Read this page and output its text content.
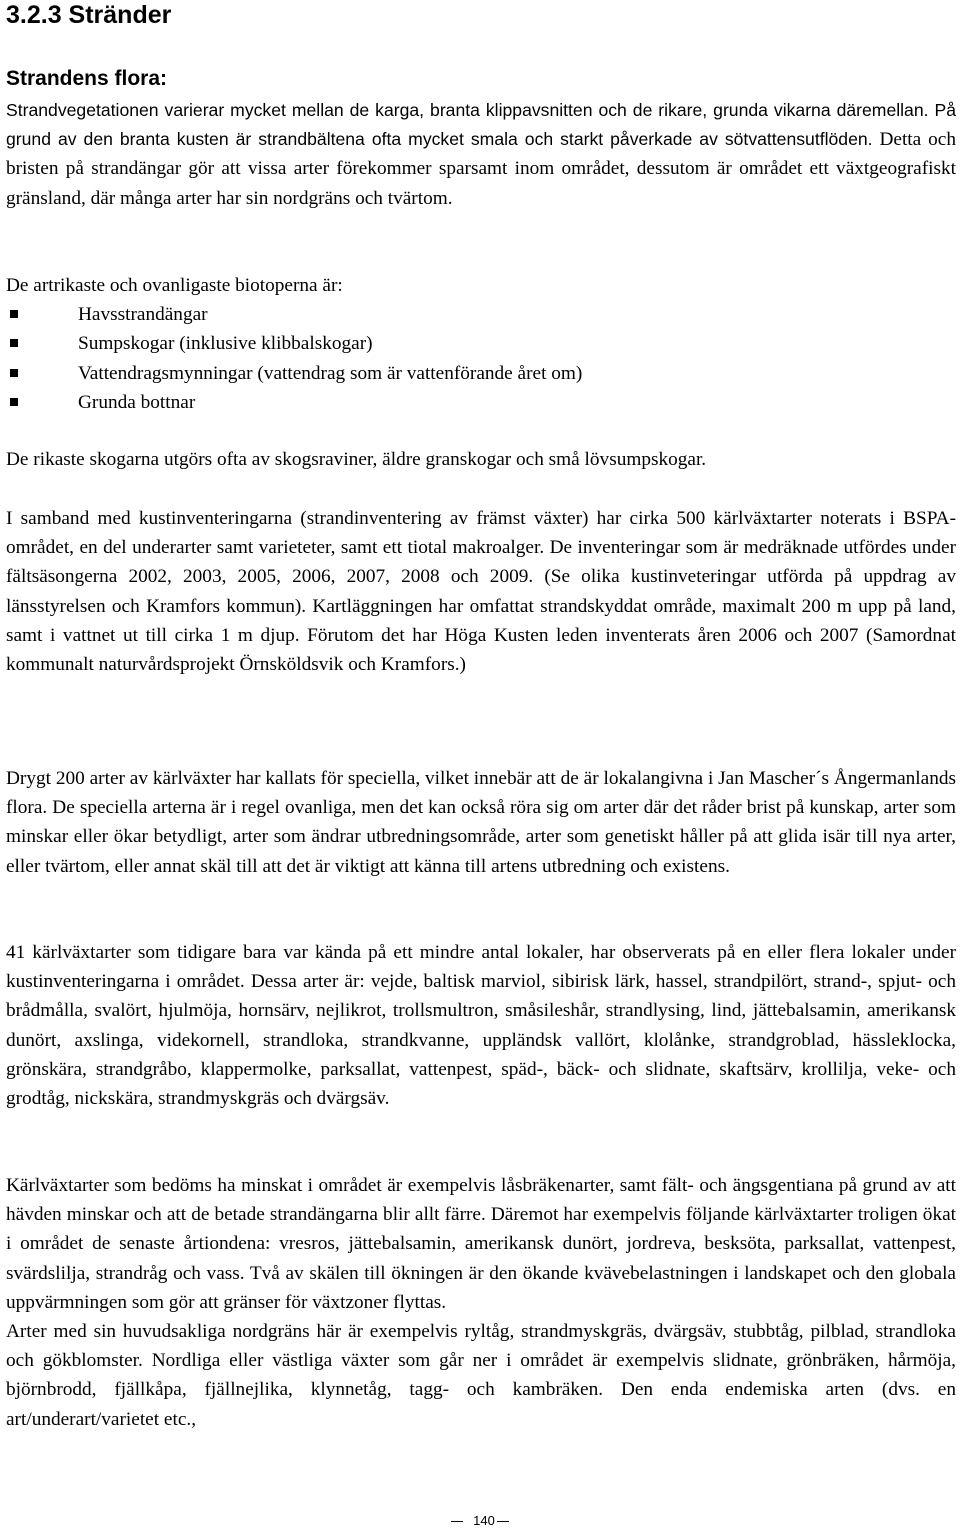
3.2.3 Stränder
Strandens flora:

Strandvegetationen varierar mycket mellan de karga, branta klippavsnitten och de rikare, grunda vikarna däremellan. På grund av den branta kusten är strandbältena ofta mycket smala och starkt påverkade av sötvattensutflöden. Detta och bristen på strandängar gör att vissa arter förekommer sparsamt inom området, dessutom är området ett växtgeografiskt gränsland, där många arter har sin nordgräns och tvärtom.

De artrikaste och ovanligaste biotoperna är:

Havsstrandängar
Sumpskogar (inklusive klibbalskogar)
Vattendragsmynningar (vattendrag som är vattenförande året om)
Grunda bottnar

De rikaste skogarna utgörs ofta av skogsraviner, äldre granskogar och små lövsumpskogar.

I samband med kustinventeringarna (strandinventering av främst växter) har cirka 500 kärlväxtarter noterats i BSPA-området, en del underarter samt varieteter, samt ett tiotal makroalger. De inventeringar som är medräknade utfördes under fältsäsongerna 2002, 2003, 2005, 2006, 2007, 2008 och 2009. (Se olika kustinveteringar utförda på uppdrag av länsstyrelsen och Kramfors kommun). Kartläggningen har omfattat strandskyddat område, maximalt 200 m upp på land, samt i vattnet ut till cirka 1 m djup. Förutom det har Höga Kusten leden inventerats åren 2006 och 2007 (Samordnat kommunalt naturvårdsprojekt Örnsköldsvik och Kramfors.)

Drygt 200 arter av kärlväxter har kallats för speciella, vilket innebär att de är lokalangivna i Jan Mascher´s Ångermanlands flora. De speciella arterna är i regel ovanliga, men det kan också röra sig om arter där det råder brist på kunskap, arter som minskar eller ökar betydligt, arter som ändrar utbredningsområde, arter som genetiskt håller på att glida isär till nya arter, eller tvärtom, eller annat skäl till att det är viktigt att känna till artens utbredning och existens.

41 kärlväxtarter som tidigare bara var kända på ett mindre antal lokaler, har observerats på en eller flera lokaler under kustinventeringarna i området. Dessa arter är: vejde, baltisk marviol, sibirisk lärk, hassel, strandpilört, strand-, spjut- och brådmålla, svalört, hjulmöja, hornsärv, nejlikrot, trollsmultron, småsileshår, strandlysing, lind, jättebalsamin, amerikansk dunört, axslinga, videkornell, strandloka, strandkvanne, uppländsk vallört, klolånke, strandgroblad, hässleklocka, grönskära, strandgråbo, klappermolke, parksallat, vattenpest, späd-, bäck- och slidnate, skaftsärv, krollilja, veke- och grodtåg, nickskära, strandmyskgräs och dvärgsäv.

Kärlväxtarter som bedöms ha minskat i området är exempelvis låsbräkenarter, samt fält- och ängsgentiana på grund av att hävden minskar och att de betade strandängarna blir allt färre. Däremot har exempelvis följande kärlväxtarter troligen ökat i området de senaste årtiondena: vresros, jättebalsamin, amerikansk dunört, jordreva, besksöta, parksallat, vattenpest, svärdslilja, strandråg och vass. Två av skälen till ökningen är den ökande kvävebelastningen i landskapet och den globala uppvärmningen som gör att gränser för växtzoner flyttas.

Arter med sin huvudsakliga nordgräns här är exempelvis ryltåg, strandmyskgräs, dvärgsäv, stubbtåg, pilblad, strandloka och gökblomster. Nordliga eller västliga växter som går ner i området är exempelvis slidnate, grönbräken, hårmöja, björnbrodd, fjällkåpa, fjällnejlika, klynnetåg, tagg- och kambräken. Den enda endemiska arten (dvs. en art/underart/varietet etc.,

140
